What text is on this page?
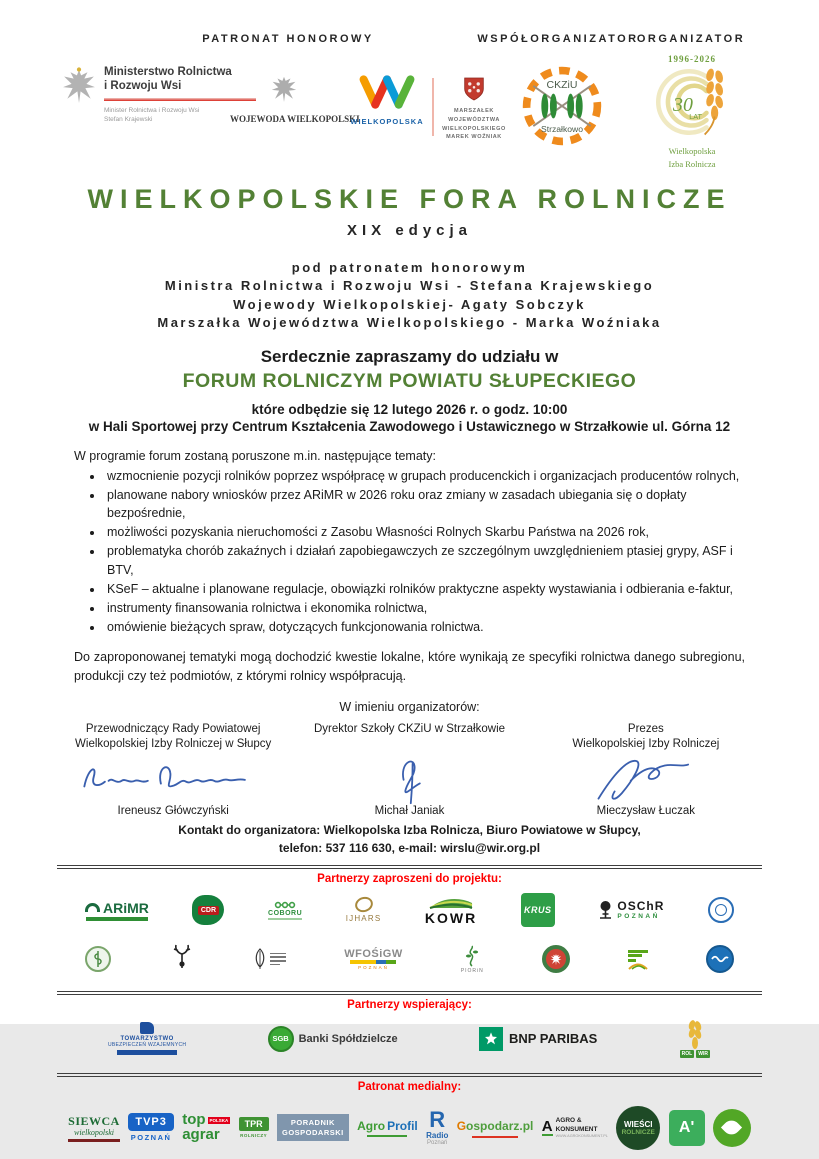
PATRONAT HONOROWY	WSPÓŁORGANIZATOR
ORGANIZATOR
Ministerstwo Rolnictwa
i Rozwoju Wsi
Minister Rolnictwa i Rozwoju Wsi
Stefan Krajewski	WOJEWODA WIELKOPOLSKI
WIELKOPOLSKA
MARSZAŁEK
WOJEWÓDZTWA
WIELKOPOLSKIEGO
MAREK WOŹNIAK
CKZiU
Strzałkowo
1996-2026
30
LAT
Wielkopolska
Izba Rolnicza
WIELKOPOLSKIE FORA ROLNICZE
XIX edycja
pod patronatem honorowym
Ministra Rolnictwa i Rozwoju Wsi - Stefana Krajewskiego
Wojewody Wielkopolskiej- Agaty Sobczyk
Marszałka Województwa Wielkopolskiego - Marka Woźniaka
Serdecznie zapraszamy do udziału w
FORUM ROLNICZYM POWIATU SŁUPECKIEGO
które odbędzie się 12 lutego 2026 r. o godz. 10:00
w Hali Sportowej przy Centrum Kształcenia Zawodowego i Ustawicznego w Strzałkowie ul. Górna 12
W programie forum zostaną poruszone m.in. następujące tematy:
• wzmocnienie pozycji rolników poprzez współpracę w grupach producenckich i organizacjach producentów rolnych,
• planowane nabory wniosków przez ARiMR w 2026 roku oraz zmiany w zasadach ubiegania się o dopłaty bezpośrednie,
• możliwości pozyskania nieruchomości z Zasobu Własności Rolnych Skarbu Państwa na 2026 rok,
• problematyka chorób zakaźnych i działań zapobiegawczych ze szczególnym uwzględnieniem ptasiej grypy, ASF i BTV,
• KSeF – aktualne i planowane regulacje, obowiązki rolników praktyczne aspekty wystawiania i odbierania e-faktur,
• instrumenty finansowania rolnictwa i ekonomika rolnictwa,
• omówienie bieżących spraw, dotyczących funkcjonowania rolnictwa.
Do zaproponowanej tematyki mogą dochodzić kwestie lokalne, które wynikają ze specyfiki rolnictwa danego subregionu, produkcji czy też podmiotów, z którymi rolnicy współpracują.
W imieniu organizatorów:
Przewodniczący Rady Powiatowej
Wielkopolskiej Izby Rolniczej w Słupcy
Ireneusz Główczyński
Dyrektor Szkoły CKZiU w Strzałkowie
Michał Janiak
Prezes
Wielkopolskiej Izby Rolniczej
Mieczysław Łuczak
Kontakt do organizatora: Wielkopolska Izba Rolnicza, Biuro Powiatowe w Słupcy,
telefon: 537 116 630, e-mail: wirslu@wir.org.pl
Partnerzy zaproszeni do projektu:
ARiMR	CDR	COBORU
IJHARS	KOWR	KRUS	OSChR
POZNAŃ
WFOŚiGW
POZNAŃ	PIORiN
Partnerzy wspierający:
TOWARZYSTWO
UBEZPIECZEŃ WZAJEMNYCH
SGB Banki Spółdzielcze	BNP PARIBAS
ROL	WIR
Patronat medialny:
SIEWCA
wielkopolski
TVP3
POZNAŃ
top POLSKA
agrar
TPR
ROLNICZY
PORADNIK
GOSPODARSKI Agro Profil R
Radio
Poznań
Gospodarz.pl A AGRO &
KONSUMENT
WWW.AGROKONSUMENT.PL
WIEŚCI
ROLNICZE A'
